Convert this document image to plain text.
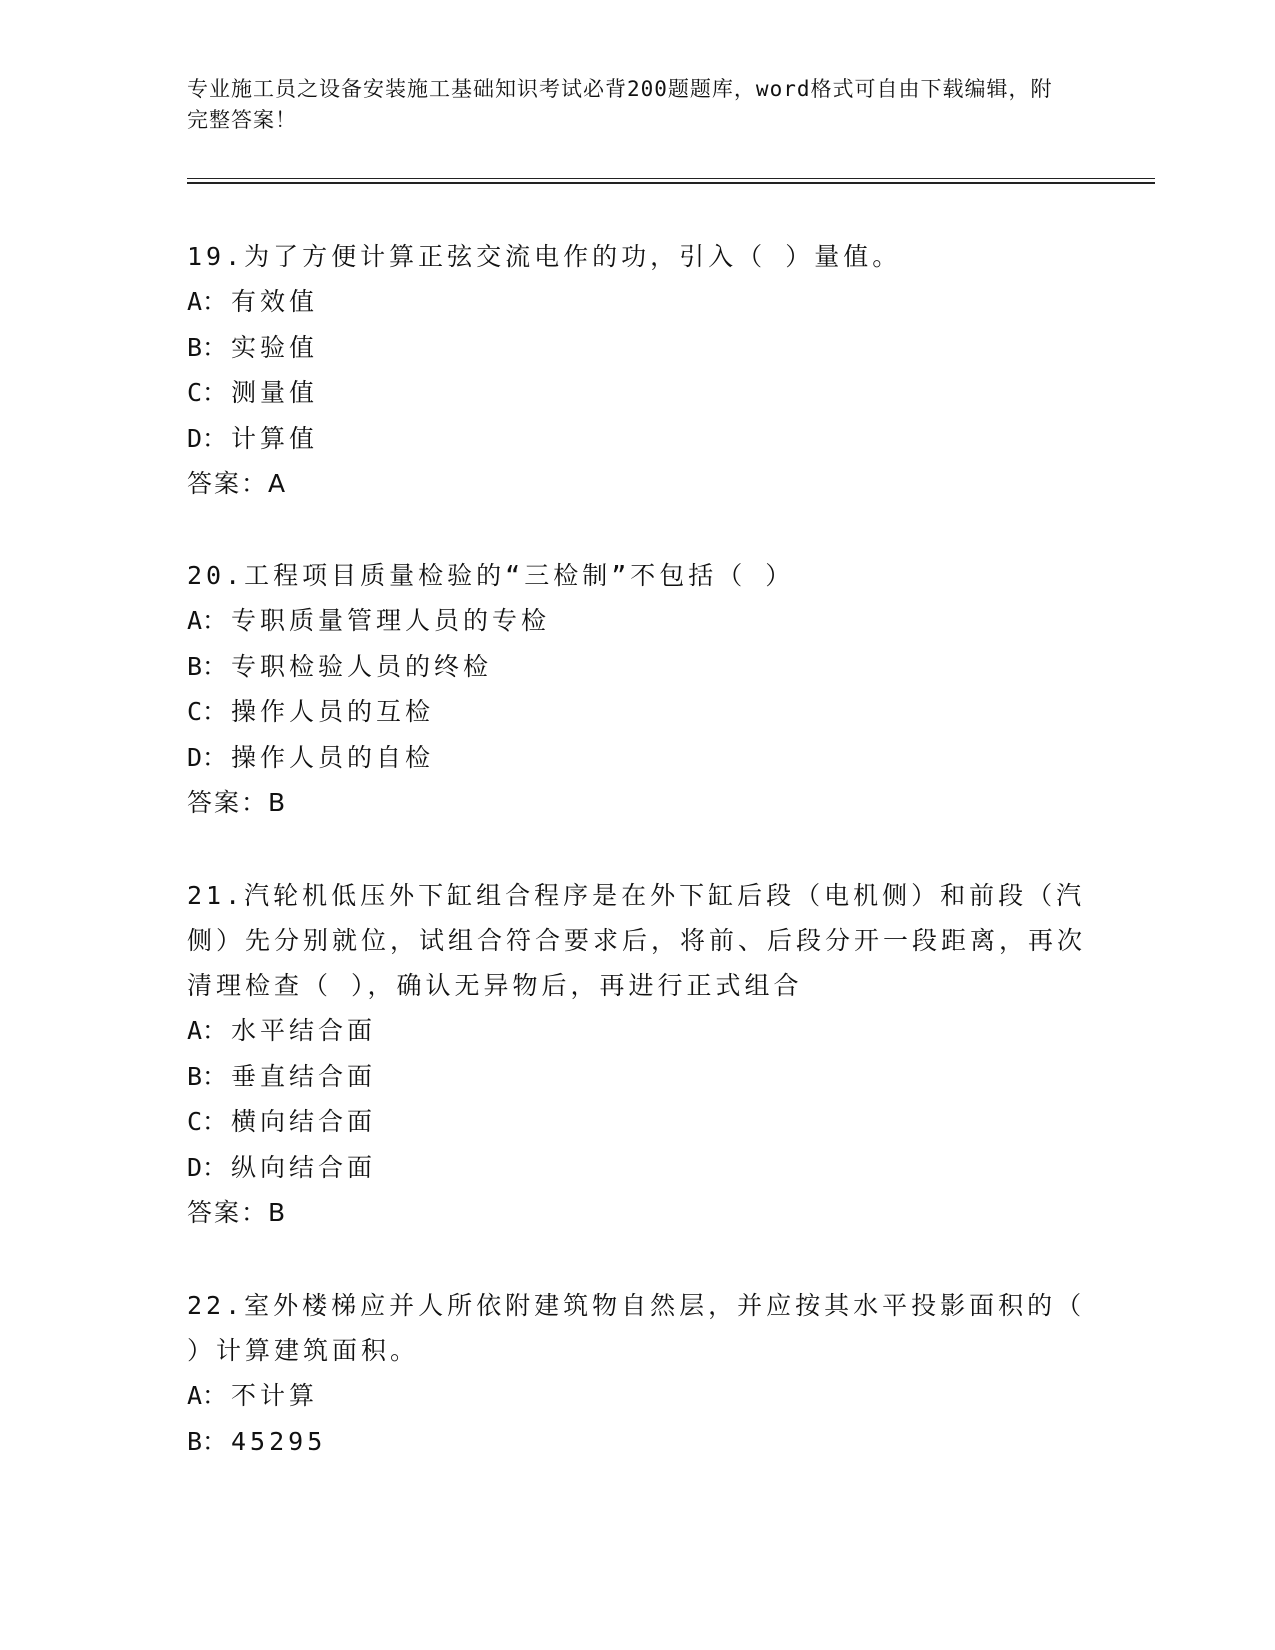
专业施工员之设备安装施工基础知识考试必背200题题库，word格式可自由下载编辑，附完整答案！

19.为了方便计算正弦交流电作的功，引入（ ）量值。

A： 有效值

B： 实验值

C： 测量值

D： 计算值

答案：A

20.工程项目质量检验的“三检制”不包括（ ）

A： 专职质量管理人员的专检

B： 专职检验人员的终检

C： 操作人员的互检

D： 操作人员的自检

答案：B

21.汽轮机低压外下缸组合程序是在外下缸后段（电机侧）和前段（汽侧）先分别就位，试组合符合要求后，将前、后段分开一段距离，再次清理检查（ ），确认无异物后，再进行正式组合

A： 水平结合面

B： 垂直结合面

C： 横向结合面

D： 纵向结合面

答案：B

22.室外楼梯应并人所依附建筑物自然层，并应按其水平投影面积的（ ）计算建筑面积。

A： 不计算

B： 45295
